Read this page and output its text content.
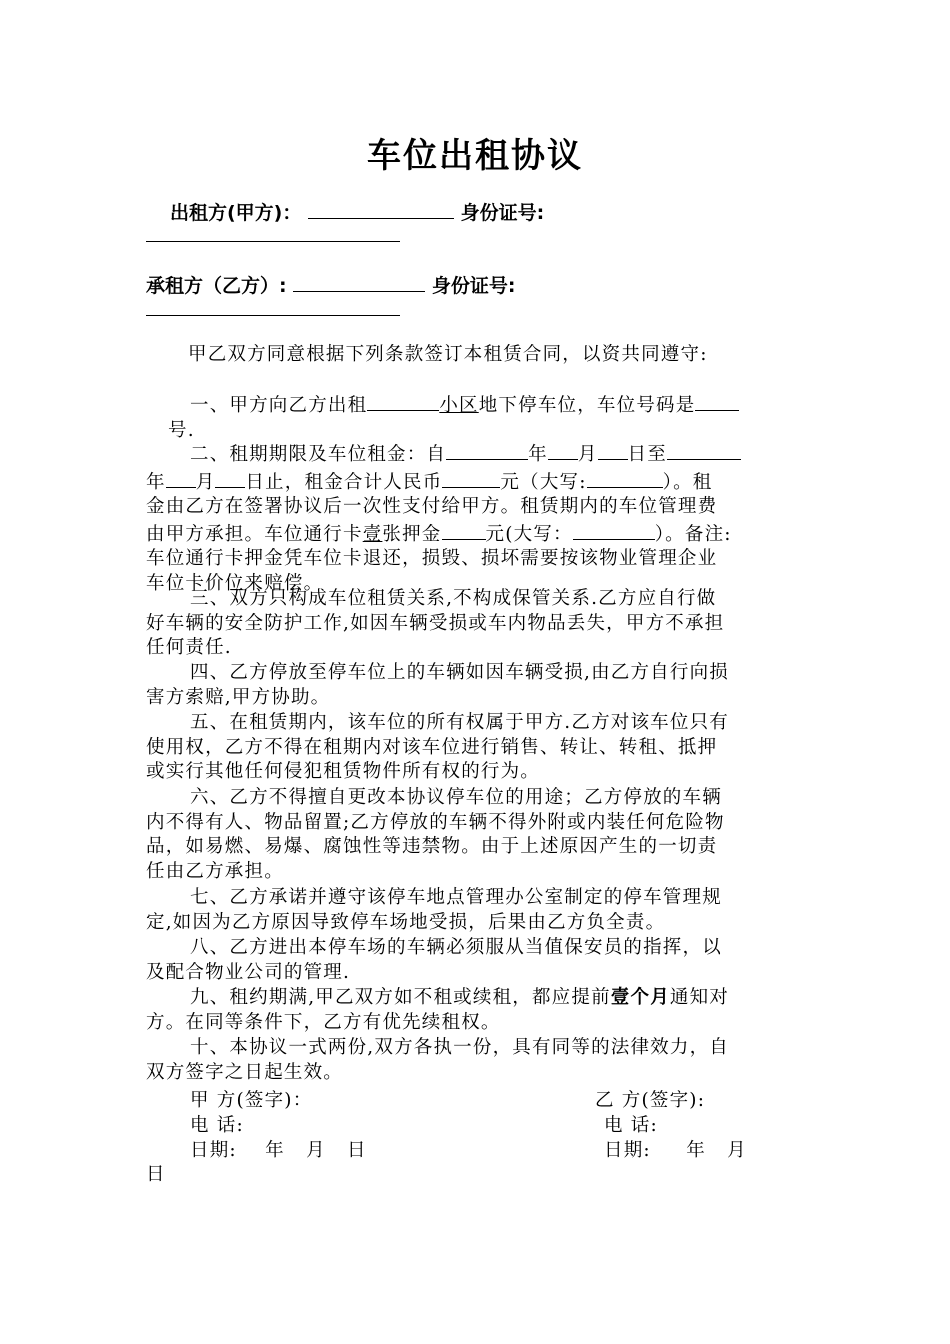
车位出租协议
出租方(甲方)：	身份证号:
承租方（乙方）:	身份证号:
甲乙双方同意根据下列条款签订本租赁合同，以资共同遵守:
一、甲方向乙方出租	小区地下停车位，车位号码是
号.
二、租期期限及车位租金：自	年 月 日至
年 月 日止，租金合计人民币	元（大写:	）。租
金由乙方在签署协议后一次性支付给甲方。租赁期内的车位管理费
由甲方承担。车位通行卡壹张押金 元(大写：	）。备注:
车位通行卡押金凭车位卡退还，损毁、损坏需要按该物业管理企业
车位卡价位来赔偿。
三、双方只构成车位租赁关系,不构成保管关系.乙方应自行做
好车辆的安全防护工作,如因车辆受损或车内物品丢失，甲方不承担
任何责任.
四、乙方停放至停车位上的车辆如因车辆受损,由乙方自行向损
害方索赔,甲方协助。
五、在租赁期内，该车位的所有权属于甲方.乙方对该车位只有
使用权，乙方不得在租期内对该车位进行销售、转让、转租、抵押
或实行其他任何侵犯租赁物件所有权的行为。
六、乙方不得擅自更改本协议停车位的用途；乙方停放的车辆
内不得有人、物品留置;乙方停放的车辆不得外附或内装任何危险物
品，如易燃、易爆、腐蚀性等违禁物。由于上述原因产生的一切责
任由乙方承担。
七、乙方承诺并遵守该停车地点管理办公室制定的停车管理规
定,如因为乙方原因导致停车场地受损，后果由乙方负全责。
八、乙方进出本停车场的车辆必须服从当值保安员的指挥，以
及配合物业公司的管理.
九、租约期满,甲乙双方如不租或续租，都应提前壹个月通知对
方。在同等条件下，乙方有优先续租权。
十、本协议一式两份,双方各执一份，具有同等的法律效力，自
双方签字之日起生效。
甲 方(签字)：	乙 方(签字):
电 话:	电 话:
日期:    年   月   日	日期:     年   月
日
